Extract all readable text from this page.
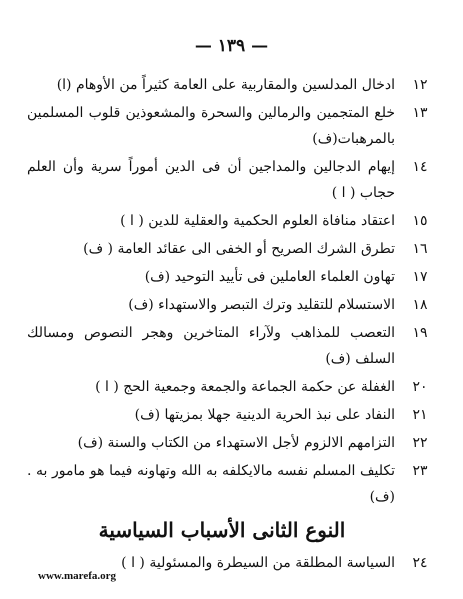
— ١٣٩ —
١٢
ادخال المدلسين والمقاربية على العامة كثيراً من الأوهام (ا)
١٣
خلع المتجمين والرمالين والسحرة والمشعوذين قلوب المسلمين بالمرهبات(ف)
١٤
إيهام الدجالين والمداجين أن فى الدين أموراً سرية وأن العلم حجاب ( ا )
١٥
اعتقاد منافاة العلوم الحكمية والعقلية للدين ( ا )
١٦
تطرق الشرك الصريح أو الخفى الى عقائد العامة ( ف)
١٧
تهاون العلماء العاملين فى تأييد التوحيد (ف)
١٨
الاستسلام للتقليد وترك التبصر والاستهداء (ف)
١٩
التعصب للمذاهب ولآراء المتاخرين وهجر النصوص ومسالك السلف (ف)
٢٠
الغفلة عن حكمة الجماعة والجمعة وجمعية الحج ( ا )
٢١
النفاد على نبذ الحرية الدينية جهلا بمزيتها (ف)
٢٢
التزامهم الالزوم لأجل الاستهداء من الكتاب والسنة (ف)
٢٣
تكليف المسلم نفسه مالايكلفه به الله وتهاونه فيما هو مامور به . (ف)
النوع الثانى الأسباب السياسية
٢٤
السياسة المطلقة من السيطرة والمسئولية ( ا )
www.marefa.org
